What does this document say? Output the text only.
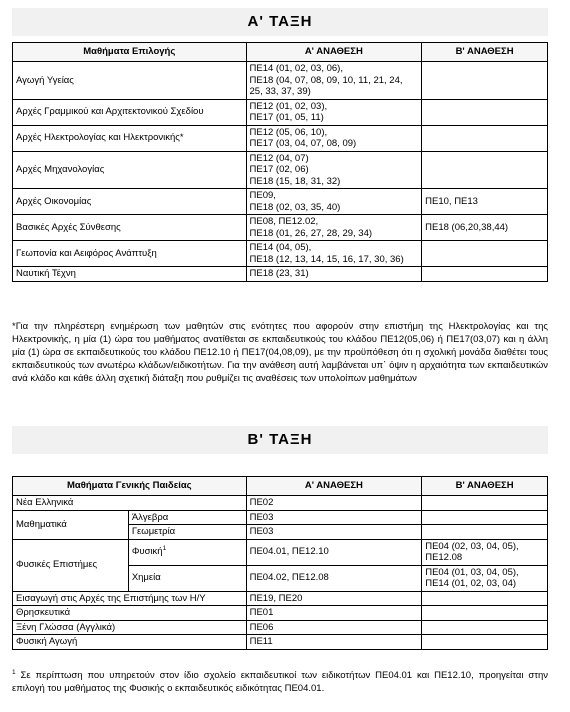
Α' ΤΑΞΗ
Μαθήματα Επιλογής	Α' ΑΝΑΘΕΣΗ	Β' ΑΝΑΘΕΣΗ
Αγωγή Υγείας	ΠΕ14 (01, 02, 03, 06),
ΠΕ18 (04, 07, 08, 09, 10, 11, 21, 24,
25, 33, 37, 39)	

Αρχές Γραμμικού και Αρχιτεκτονικού Σχεδίου	ΠΕ12 (01, 02, 03),
ΠΕ17 (01, 05, 11)	

Αρχές Ηλεκτρολογίας και Ηλεκτρονικής*	ΠΕ12 (05, 06, 10),
ΠΕ17 (03, 04, 07, 08, 09)	

Αρχές Μηχανολογίας	ΠΕ12 (04, 07)
ΠΕ17 (02, 06)
ΠΕ18 (15, 18, 31, 32)	

Αρχές Οικονομίας	ΠΕ09,
ΠΕ18 (02, 03, 35, 40)	ΠΕ10, ΠΕ13
Βασικές Αρχές Σύνθεσης	ΠΕ08, ΠΕ12.02,
ΠΕ18 (01, 26, 27, 28, 29, 34)	ΠΕ18 (06,20,38,44)
Γεωπονία και Αειφόρος Ανάπτυξη	ΠΕ14 (04, 05),
ΠΕ18 (12, 13, 14, 15, 16, 17, 30, 36)	

Ναυτική Τέχνη	ΠΕ18 (23, 31)	

*Για την πληρέστερη ενημέρωση των μαθητών στις ενότητες που αφορούν στην επιστήμη της Ηλεκτρολογίας και της Ηλεκτρονικής, η μία (1) ώρα του μαθήματος ανατίθεται σε εκπαιδευτικούς του κλάδου ΠΕ12(05,06) ή ΠΕ17(03,07) και η άλλη μία (1) ώρα σε εκπαιδευτικούς του κλάδου ΠΕ12.10 ή ΠΕ17(04,08,09), με την προϋπόθεση ότι η σχολική μονάδα διαθέτει τους εκπαιδευτικούς των ανωτέρω κλάδων/ειδικοτήτων. Για την ανάθεση αυτή λαμβάνεται υπ΄ όψιν η αρχαιότητα των εκπαιδευτικών ανά κλάδο και κάθε άλλη σχετική διάταξη που ρυθμίζει τις αναθέσεις των υπολοίπων μαθημάτων
Β' ΤΑΞΗ
Μαθήματα Γενικής Παιδείας		Α' ΑΝΑΘΕΣΗ	Β' ΑΝΑΘΕΣΗ
Νέα Ελληνικά		ΠΕ02	
Μαθηματικά	Άλγεβρα	ΠΕ03	
	Γεωμετρία	ΠΕ03	
Φυσικές Επιστήμες	Φυσική$^1$	ΠΕ04.01, ΠΕ12.10	ΠΕ04 (02, 03, 04, 05),
ΠΕ12.08

	Χημεία	ΠΕ04.02, ΠΕ12.08	ΠΕ04 (01, 03, 04, 05),
ΠΕ14 (01, 02, 03, 04)

Εισαγωγή στις Αρχές της Επιστήμης των Η/Υ		ΠΕ19, ΠΕ20	
Θρησκευτικά		ΠΕ01	
Ξένη Γλώσσα (Αγγλικά)		ΠΕ06	
Φυσική Αγωγή		ΠΕ11	
$^1$ Σε περίπτωση που υπηρετούν στον ίδιο σχολείο εκπαιδευτικοί των ειδικοτήτων ΠΕ04.01 και ΠΕ12.10, προηγείται στην επιλογή του μαθήματος της Φυσικής ο εκπαιδευτικός ειδικότητας ΠΕ04.01.
